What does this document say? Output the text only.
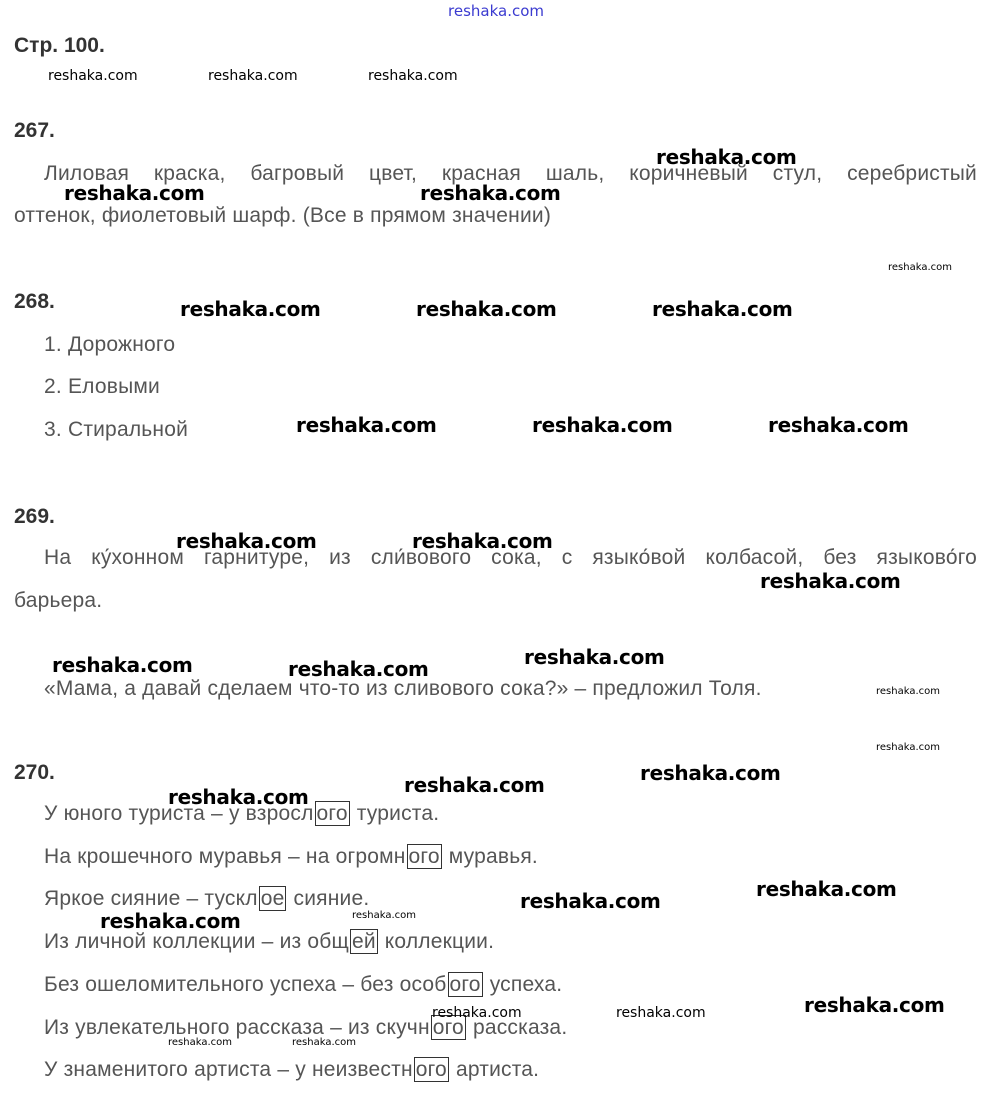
reshaka.com
Стр. 100.
reshaka.com	reshaka.com	reshaka.com
267.
Лиловая краска, багровый цвет, красная шаль, коричневый стул, серебристый
оттенок, фиолетовый шарф. (Все в прямом значении)
reshaka.com
reshaka.com	reshaka.com
reshaka.com
268.	reshaka.com	reshaka.com	reshaka.com
1. Дорожного
2. Еловыми
3. Стиральной	reshaka.com	reshaka.com	reshaka.com
269.
На ку́хонном гарнитуре, из сли́вового сока, с языко́вой колбасой, без языково́го
барьера.
reshaka.com	reshaka.com
reshaka.com
«Мама, а давай сделаем что-то из сливового сока?» – предложил Толя.
reshaka.com	reshaka.com	reshaka.com
reshaka.com
reshaka.com
270.
У юного туриста – у взросл ого туриста.
На крошечного муравья – на огромн ого муравья.
Яркое сияние – тускл ое сияние.
Из личной коллекции – из общ ей коллекции.
Без ошеломительного успеха – без особ ого успеха.
Из увлекательного рассказа – из скучн ого рассказа.
У знаменитого артиста – у неизвестн ого артиста.
reshaka.com	reshaka.com
reshaka.com
reshaka.com
reshaka.com
reshaka.com	reshaka.com
reshaka.com
reshaka.com	reshaka.com
reshaka.com	reshaka.com
